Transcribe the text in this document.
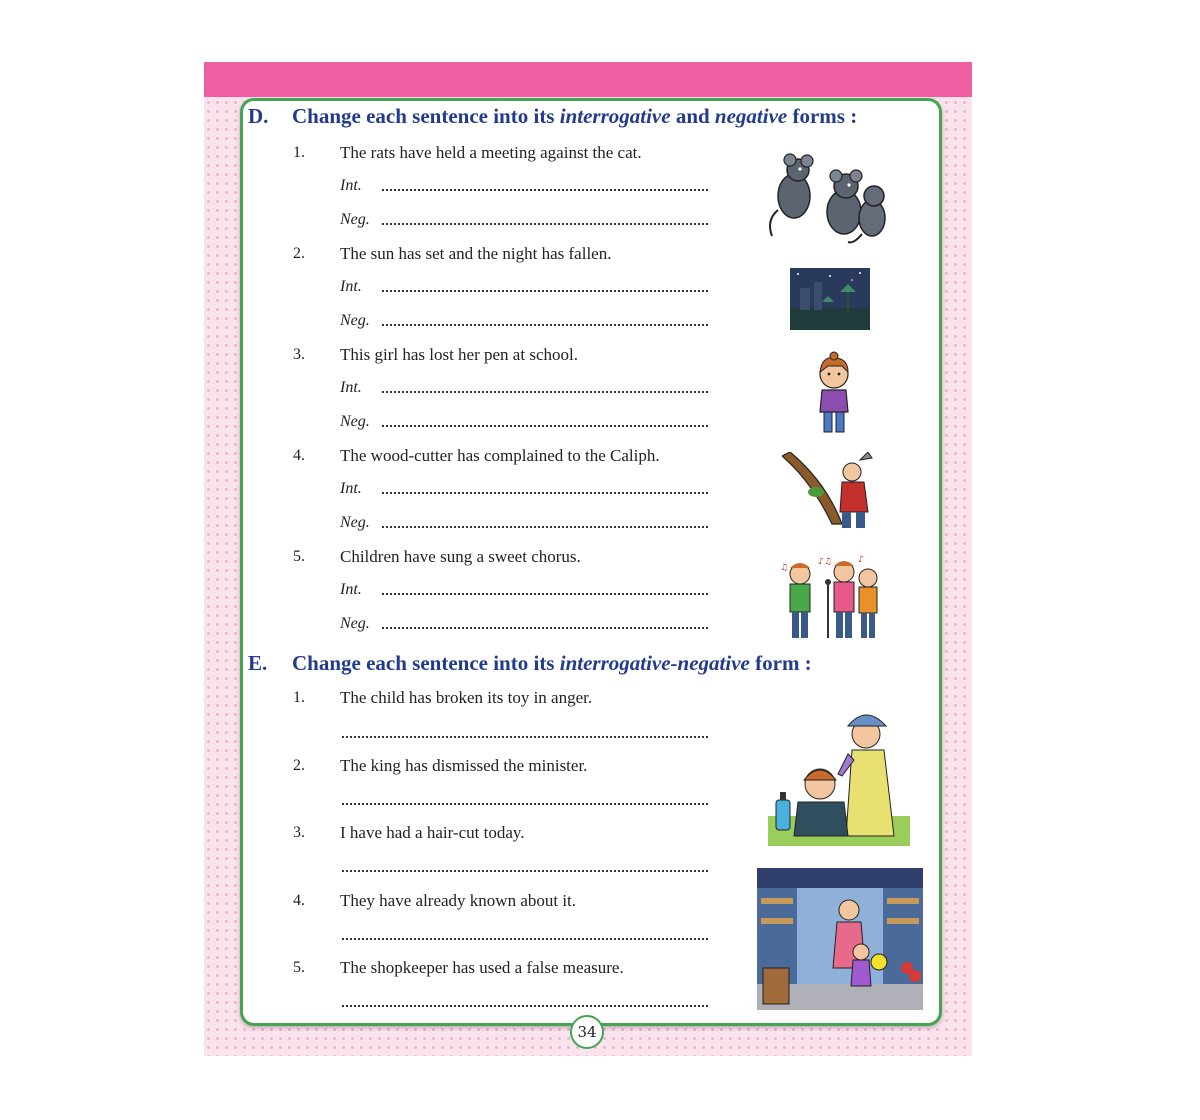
D. Change each sentence into its interrogative and negative forms :
1. The rats have held a meeting against the cat.
Int.
Neg.
2. The sun has set and the night has fallen.
Int.
Neg.
3. This girl has lost her pen at school.
Int.
Neg.
4. The wood-cutter has complained to the Caliph.
Int.
Neg.
5. Children have sung a sweet chorus.
Int.
Neg.
E. Change each sentence into its interrogative-negative form :
1. The child has broken its toy in anger.
2. The king has dismissed the minister.
3. I have had a hair-cut today.
4. They have already known about it.
5. The shopkeeper has used a false measure.
♪♫
♫
♪
34
